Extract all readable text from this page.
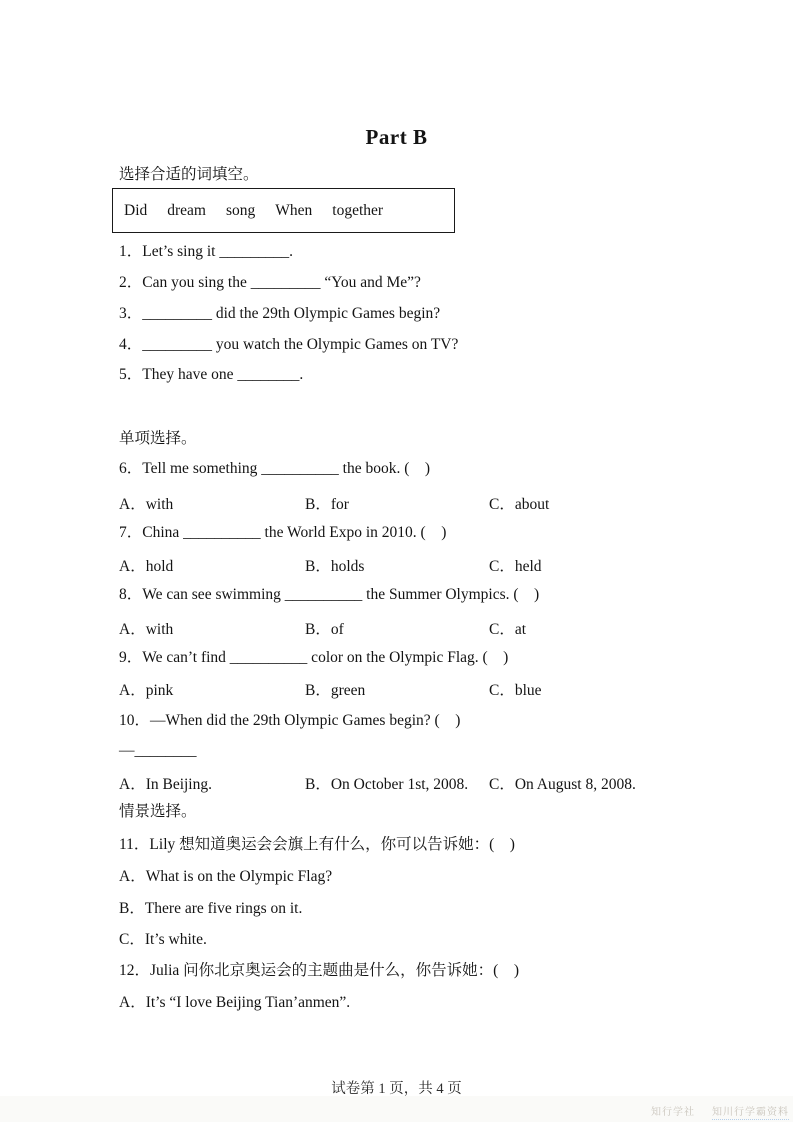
Part B
选择合适的词填空。
Did dream song When together
1．Let’s sing it _________.
2．Can you sing the _________ “You and Me”?
3．_________ did the 29th Olympic Games begin?
4．_________ you watch the Olympic Games on TV?
5．They have one ________.
单项选择。
6．Tell me something __________ the book. (　)
A．with	B．for	C．about
7．China __________ the World Expo in 2010. (　)
A．hold	B．holds	C．held
8．We can see swimming __________ the Summer Olympics. (　)
A．with	B．of	C．at
9．We can’t find __________ color on the Olympic Flag. (　)
A．pink	B．green	C．blue
10．—When did the 29th Olympic Games begin? (　)
—________
A．In Beijing.	B．On October 1st, 2008. C．On August 8, 2008.
情景选择。
11．Lily 想知道奥运会会旗上有什么，你可以告诉她：(　)
A．What is on the Olympic Flag?
B．There are five rings on it.
C．It’s white.
12．Julia 问你北京奥运会的主题曲是什么，你告诉她：(　)
A．It’s “I love Beijing Tian’anmen”.
试卷第 1 页，共 4 页
知行学社 知川行学霸资料
